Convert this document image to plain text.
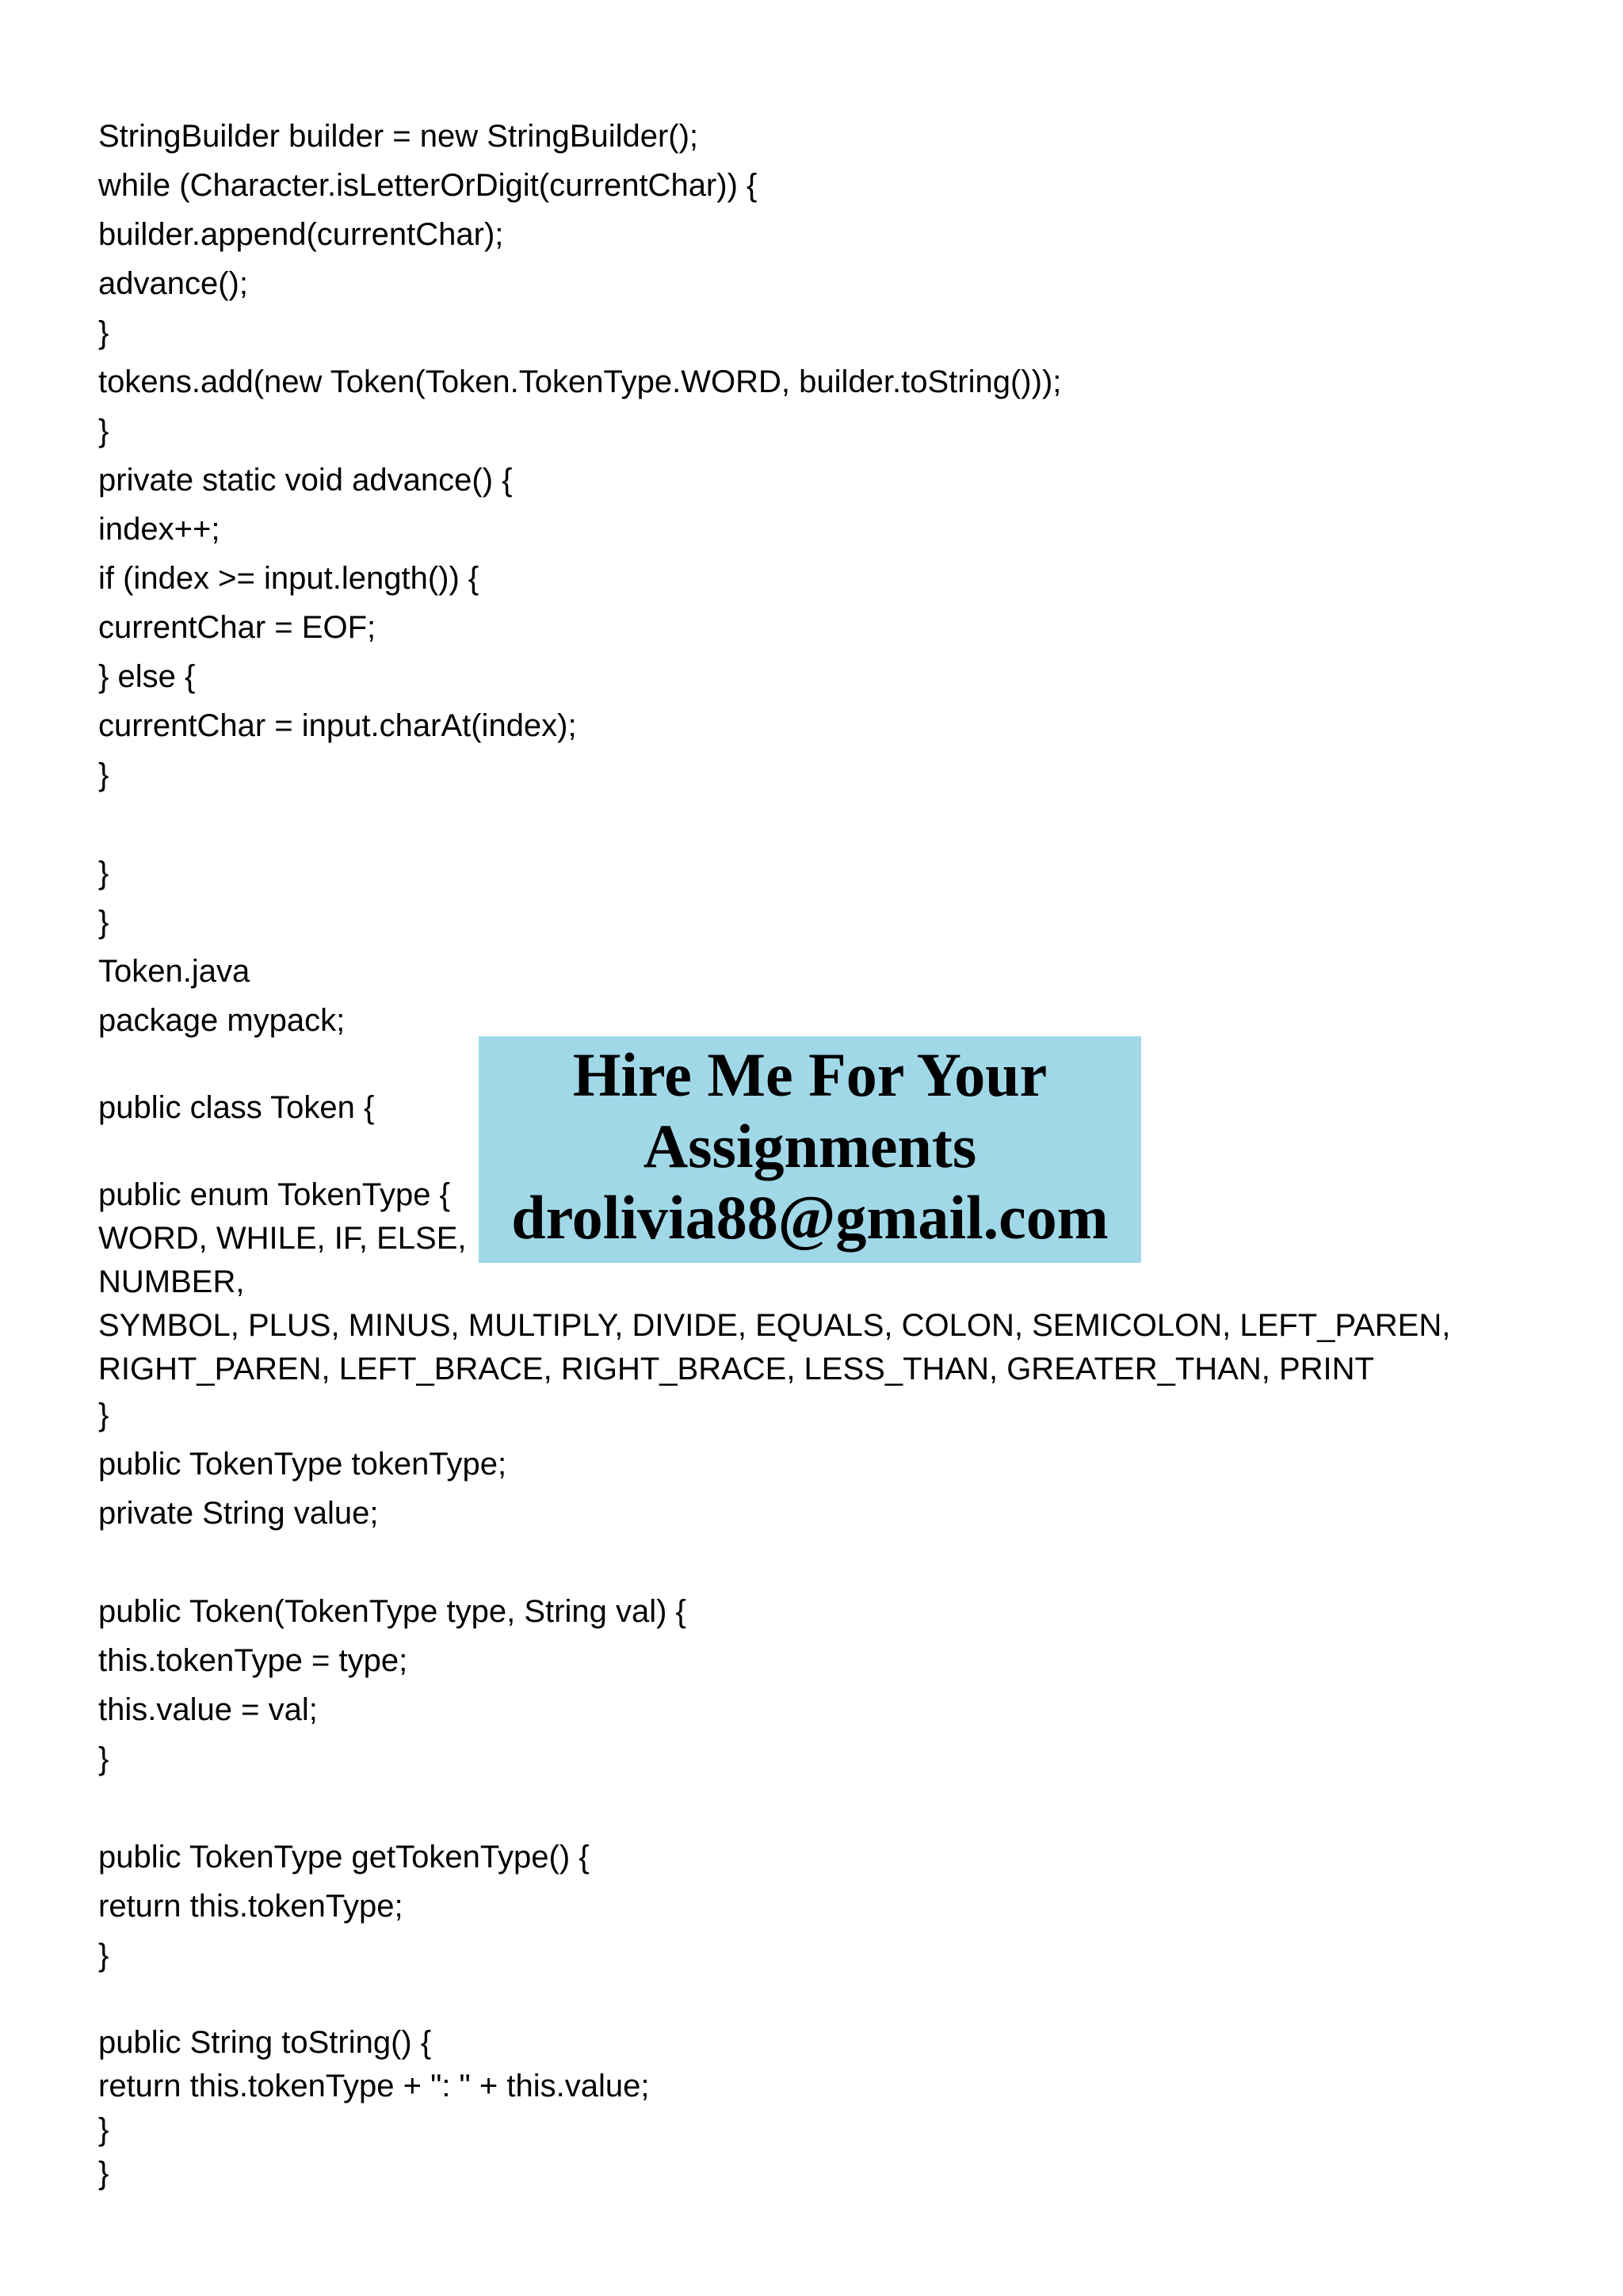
StringBuilder builder = new StringBuilder();

while (Character.isLetterOrDigit(currentChar)) {

builder.append(currentChar);

advance();

}

tokens.add(new Token(Token.TokenType.WORD, builder.toString()));

}

private static void advance() {

index++;

if (index >= input.length()) {

currentChar = EOF;

} else {

currentChar = input.charAt(index);

}

}

}

Token.java

package mypack;

public class Token {

public enum TokenType {

WORD, WHILE, IF, ELSE,

NUMBER,

SYMBOL, PLUS, MINUS, MULTIPLY, DIVIDE, EQUALS, COLON, SEMICOLON, LEFT_PAREN,

RIGHT_PAREN, LEFT_BRACE, RIGHT_BRACE, LESS_THAN, GREATER_THAN, PRINT

}

public TokenType tokenType;

private String value;

public Token(TokenType type, String val) {

this.tokenType = type;

this.value = val;

}

public TokenType getTokenType() {

return this.tokenType;

}

public String toString() {

return this.tokenType + ": " + this.value;

}

}

Hire Me For Your
Assignments
drolivia88@gmail.com
